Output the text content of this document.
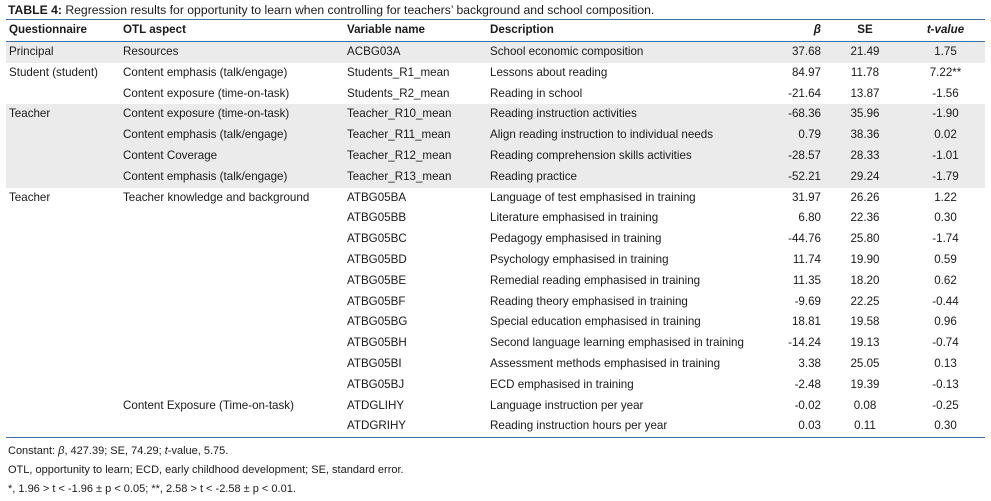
TABLE 4: Regression results for opportunity to learn when controlling for teachers’ background and school composition.
Questionnaire	OTL aspect	Variable name	Description	β	SE	t-value
Principal	Resources	ACBG03A	School economic composition	37.68	21.49	1.75
Student (student)	Content emphasis (talk/engage)	Students_R1_mean	Lessons about reading	84.97	11.78	7.22**
	Content exposure (time-on-task)	Students_R2_mean	Reading in school	-21.64	13.87	-1.56
Teacher	Content exposure (time-on-task)	Teacher_R10_mean	Reading instruction activities	-68.36	35.96	-1.90
	Content emphasis (talk/engage)	Teacher_R11_mean	Align reading instruction to individual needs	0.79	38.36	0.02
	Content Coverage	Teacher_R12_mean	Reading comprehension skills activities	-28.57	28.33	-1.01
	Content emphasis (talk/engage)	Teacher_R13_mean	Reading practice	-52.21	29.24	-1.79
Teacher	Teacher knowledge and background	ATBG05BA	Language of test emphasised in training	31.97	26.26	1.22
		ATBG05BB	Literature emphasised in training	6.80	22.36	0.30
		ATBG05BC	Pedagogy emphasised in training	-44.76	25.80	-1.74
		ATBG05BD	Psychology emphasised in training	11.74	19.90	0.59
		ATBG05BE	Remedial reading emphasised in training	11.35	18.20	0.62
		ATBG05BF	Reading theory emphasised in training	-9.69	22.25	-0.44
		ATBG05BG	Special education emphasised in training	18.81	19.58	0.96
		ATBG05BH	Second language learning emphasised in training	-14.24	19.13	-0.74
		ATBG05BI	Assessment methods emphasised in training	3.38	25.05	0.13
		ATBG05BJ	ECD emphasised in training	-2.48	19.39	-0.13
	Content Exposure (Time-on-task)	ATDGLIHY	Language instruction per year	-0.02	0.08	-0.25
		ATDGRIHY	Reading instruction hours per year	0.03	0.11	0.30
Constant: β, 427.39; SE, 74.29; t-value, 5.75.
OTL, opportunity to learn; ECD, early childhood development; SE, standard error.
*, 1.96 > t < -1.96 ± p < 0.05; **, 2.58 > t < -2.58 ± p < 0.01.
